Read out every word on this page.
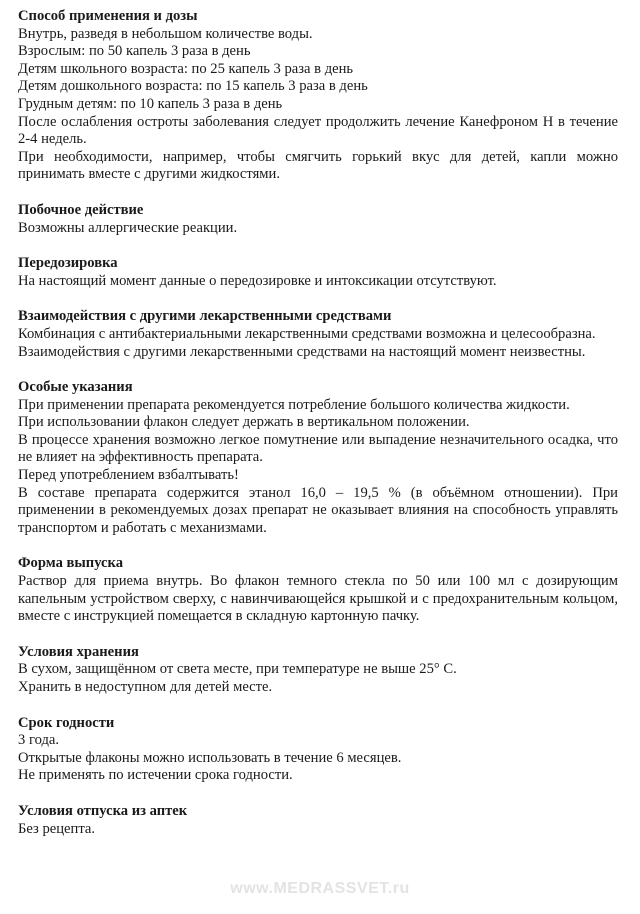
Способ применения и дозы
Внутрь, разведя в небольшом количестве воды.
Взрослым: по 50 капель 3 раза в день
Детям школьного возраста: по 25 капель 3 раза в день
Детям дошкольного возраста: по 15 капель 3 раза в день
Грудным детям: по 10 капель 3 раза в день
После ослабления остроты заболевания следует продолжить лечение Канефроном Н в течение 2-4 недель.
При необходимости, например, чтобы смягчить горький вкус для детей, капли можно принимать вместе с другими жидкостями.
Побочное действие
Возможны аллергические реакции.
Передозировка
На настоящий момент данные о передозировке и интоксикации отсутствуют.
Взаимодействия с другими лекарственными средствами
Комбинация с антибактериальными лекарственными средствами возможна и целесообразна.
Взаимодействия с другими лекарственными средствами на настоящий момент неизвестны.
Особые указания
При применении препарата рекомендуется потребление большого количества жидкости.
При использовании флакон следует держать в вертикальном положении.
В процессе хранения возможно легкое помутнение или выпадение незначительного осадка, что не влияет на эффективность препарата.
Перед употреблением взбалтывать!
В составе препарата содержится этанол 16,0 – 19,5 % (в объёмном отношении). При применении в рекомендуемых дозах препарат не оказывает влияния на способность управлять транспортом и работать с механизмами.
Форма выпуска
Раствор для приема внутрь. Во флакон темного стекла по 50 или 100 мл с дозирующим капельным устройством сверху, с навинчивающейся крышкой и с предохранительным кольцом, вместе с инструкцией помещается в складную картонную пачку.
Условия хранения
В сухом, защищённом от света месте, при температуре не выше 25° С.
Хранить в недоступном для детей месте.
Срок годности
3 года.
Открытые флаконы можно использовать в течение 6 месяцев.
Не применять по истечении срока годности.
Условия отпуска из аптек
Без рецепта.
www.MEDRASSVET.ru
